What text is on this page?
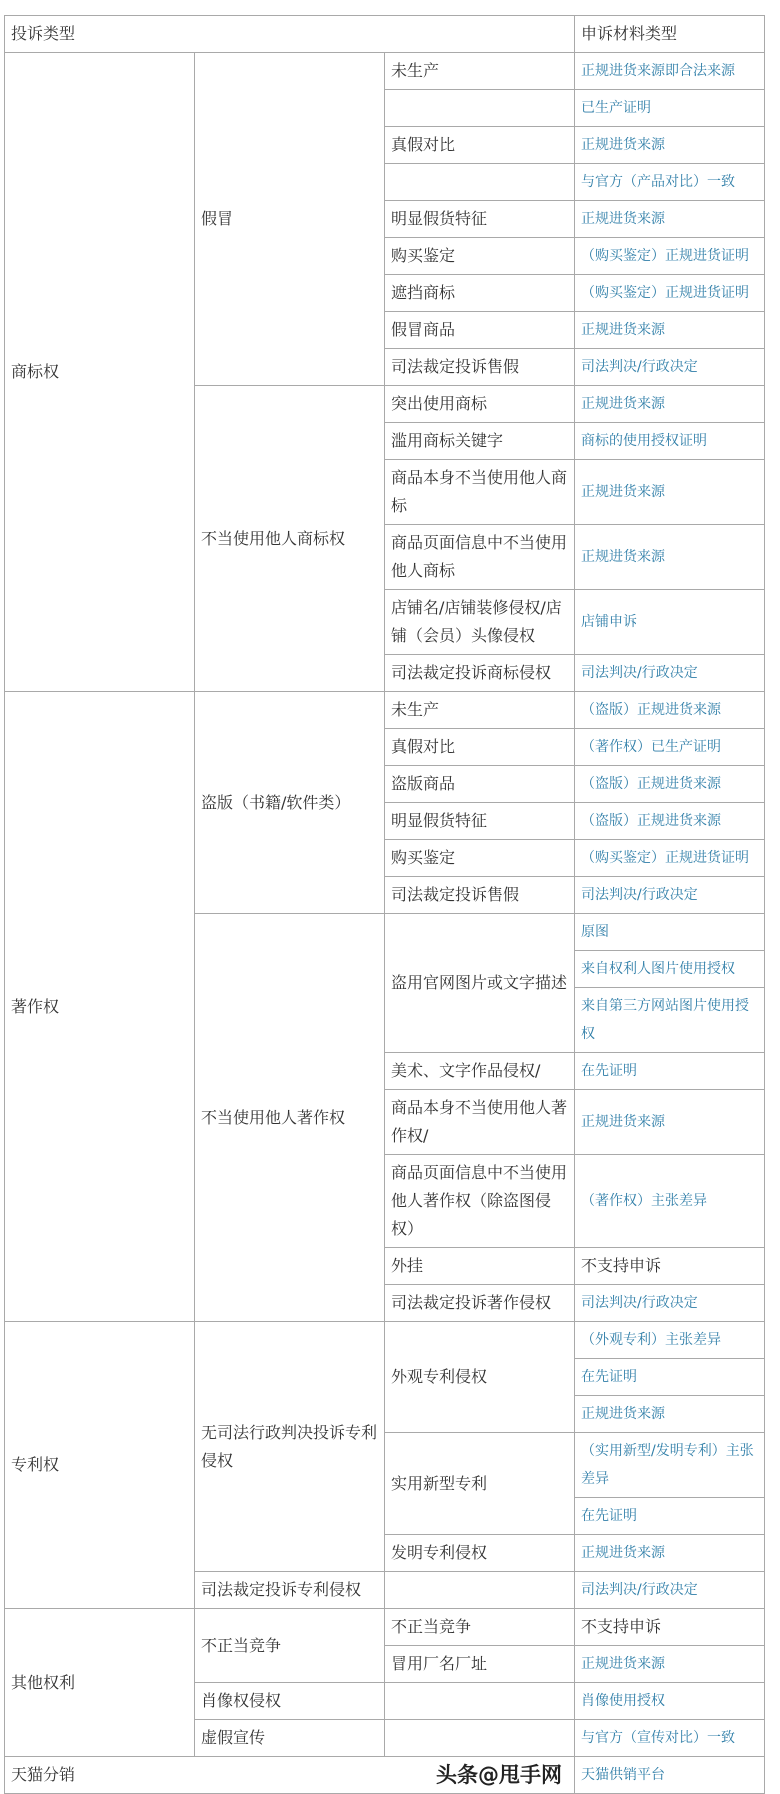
投诉类型			申诉材料类型
商标权	假冒	未生产	正规进货来源即合法来源
			已生产证明
		真假对比	正规进货来源
			与官方（产品对比）一致
		明显假货特征	正规进货来源
		购买鉴定	（购买鉴定）正规进货证明
		遮挡商标	（购买鉴定）正规进货证明
		假冒商品	正规进货来源
		司法裁定投诉售假	司法判决/行政决定
	不当使用他人商标权	突出使用商标	正规进货来源
		滥用商标关键字	商标的使用授权证明
		商品本身不当使用他人商标	正规进货来源
		商品页面信息中不当使用他人商标	正规进货来源
		店铺名/店铺装修侵权/店铺（会员）头像侵权	店铺申诉
		司法裁定投诉商标侵权	司法判决/行政决定
著作权	盗版（书籍/软件类）	未生产	（盗版）正规进货来源
		真假对比	（著作权）已生产证明
		盗版商品	（盗版）正规进货来源
		明显假货特征	（盗版）正规进货来源
		购买鉴定	（购买鉴定）正规进货证明
		司法裁定投诉售假	司法判决/行政决定
	不当使用他人著作权	盗用官网图片或文字描述	原图
			来自权利人图片使用授权
			来自第三方网站图片使用授权
		美术、文字作品侵权/	在先证明
		商品本身不当使用他人著作权/	正规进货来源
		商品页面信息中不当使用他人著作权（除盗图侵权）	（著作权）主张差异
		外挂	不支持申诉
		司法裁定投诉著作侵权	司法判决/行政决定
专利权	无司法行政判决投诉专利侵权	外观专利侵权	（外观专利）主张差异
			在先证明
			正规进货来源
		实用新型专利	（实用新型/发明专利）主张差异
			在先证明
		发明专利侵权	正规进货来源
	司法裁定投诉专利侵权		司法判决/行政决定
其他权利	不正当竞争	不正当竞争	不支持申诉
		冒用厂名厂址	正规进货来源
	肖像权侵权		肖像使用授权
	虚假宣传		与官方（宣传对比）一致
天猫分销 头条@甩手网			天猫供销平台
